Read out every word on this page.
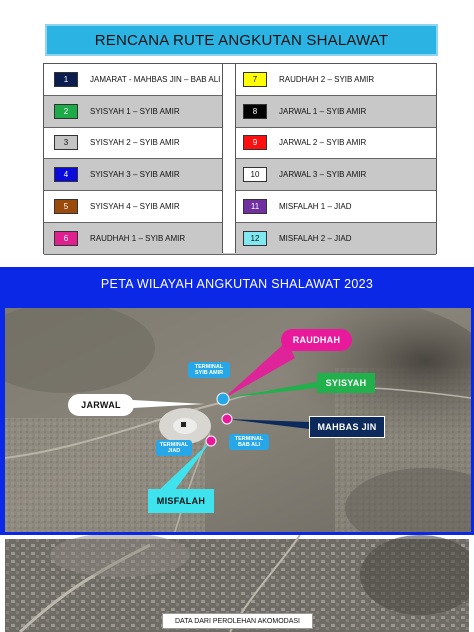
RENCANA RUTE ANGKUTAN SHALAWAT
1	JAMARAT - MAHBAS JIN – BAB ALI	7	RAUDHAH 2 – SYIB AMIR
2	SYISYAH 1 – SYIB AMIR	8	JARWAL 1 – SYIB AMIR
3	SYISYAH 2 – SYIB AMIR	9	JARWAL 2 – SYIB AMIR
4	SYISYAH 3 – SYIB AMIR	10	JARWAL 3 – SYIB AMIR
5	SYISYAH 4 – SYIB AMIR	11	MISFALAH 1 – JIAD
6	RAUDHAH 1 – SYIB AMIR	12	MISFALAH 2 – JIAD
PETA WILAYAH ANGKUTAN SHALAWAT 2023
RAUDHAH
SYISYAH
JARWAL
MAHBAS JIN
MISFALAH
TERMINAL SYIB AMIR
TERMINAL BAB ALI
TERMINAL JIAD
DATA DARI PEROLEHAN AKOMODASI
